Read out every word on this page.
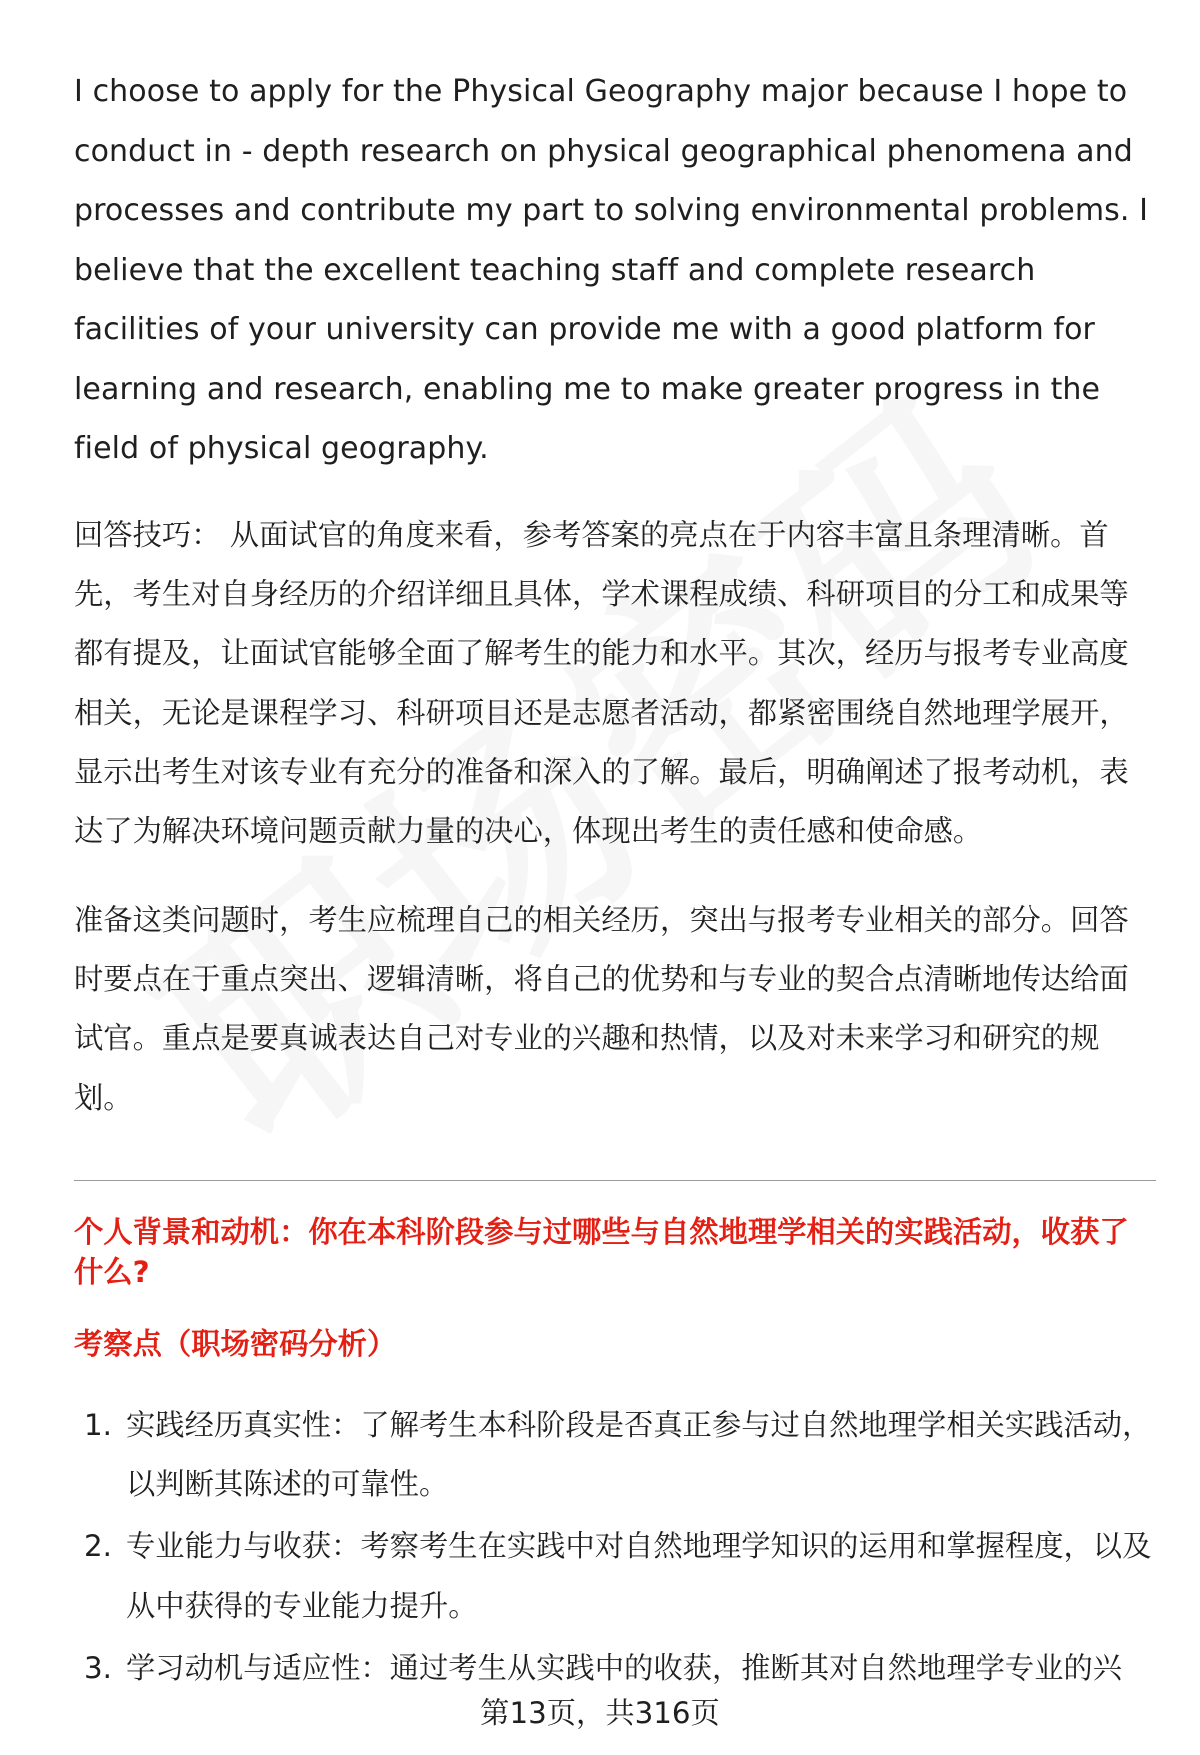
I choose to apply for the Physical Geography major because I hope to conduct in - depth research on physical geographical phenomena and processes and contribute my part to solving environmental problems. I believe that the excellent teaching staff and complete research facilities of your university can provide me with a good platform for learning and research, enabling me to make greater progress in the field of physical geography.

回答技巧： 从面试官的角度来看，参考答案的亮点在于内容丰富且条理清晰。首先，考生对自身经历的介绍详细且具体，学术课程成绩、科研项目的分工和成果等都有提及，让面试官能够全面了解考生的能力和水平。其次，经历与报考专业高度相关，无论是课程学习、科研项目还是志愿者活动，都紧密围绕自然地理学展开，显示出考生对该专业有充分的准备和深入的了解。最后，明确阐述了报考动机，表达了为解决环境问题贡献力量的决心，体现出考生的责任感和使命感。

准备这类问题时，考生应梳理自己的相关经历，突出与报考专业相关的部分。回答时要点在于重点突出、逻辑清晰，将自己的优势和与专业的契合点清晰地传达给面试官。重点是要真诚表达自己对专业的兴趣和热情，以及对未来学习和研究的规划。

个人背景和动机：你在本科阶段参与过哪些与自然地理学相关的实践活动，收获了什么?
考察点（职场密码分析）
1. 实践经历真实性：了解考生本科阶段是否真正参与过自然地理学相关实践活动，以判断其陈述的可靠性。
2. 专业能力与收获：考察考生在实践中对自然地理学知识的运用和掌握程度，以及从中获得的专业能力提升。
3. 学习动机与适应性：通过考生从实践中的收获，推断其对自然地理学专业的兴
第13页，共316页
